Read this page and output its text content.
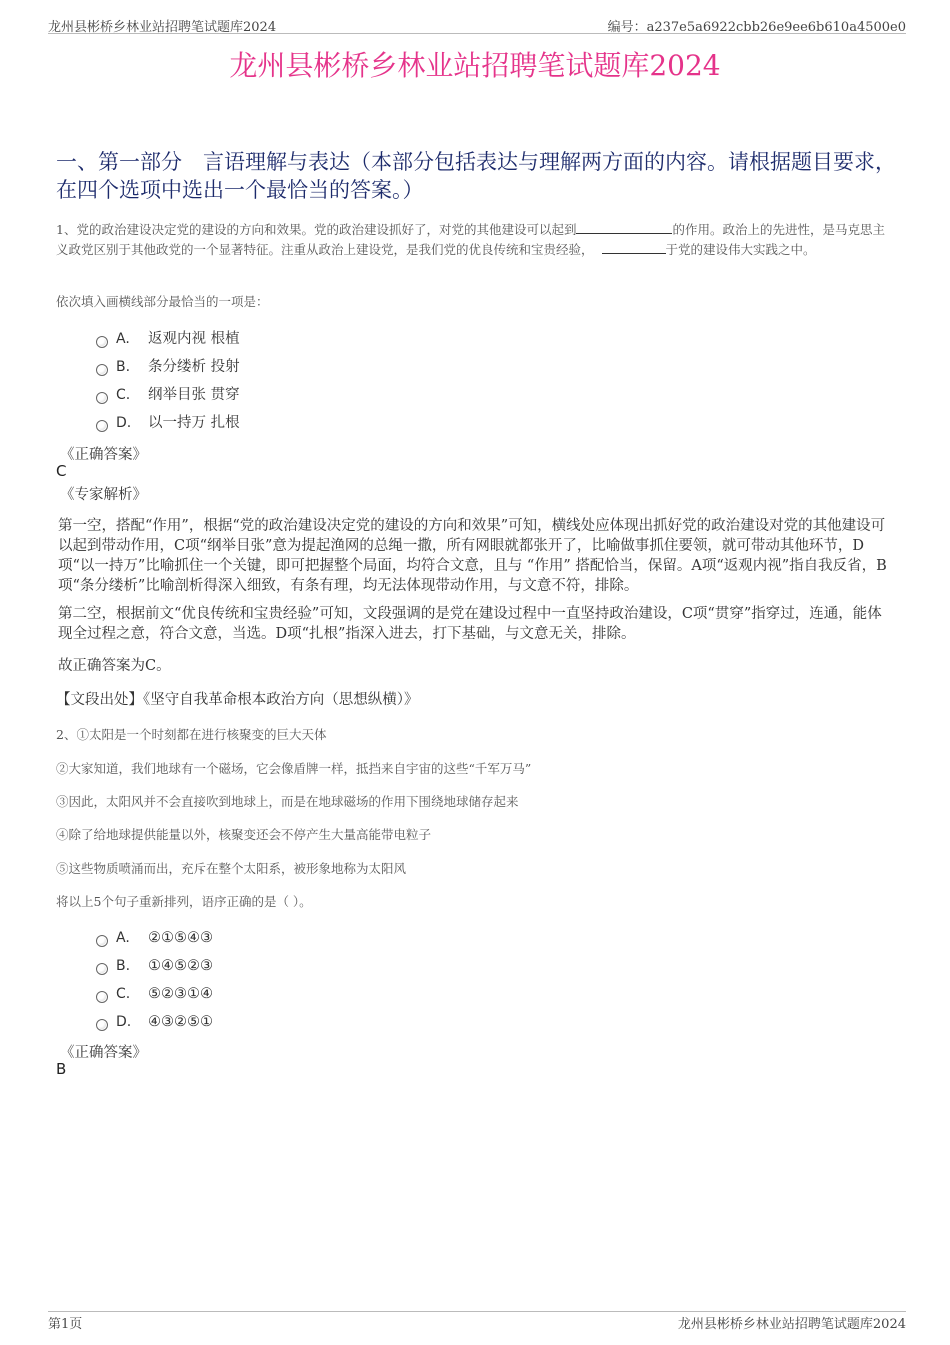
龙州县彬桥乡林业站招聘笔试题库2024	编号：a237e5a6922cbb26e9ee6b610a4500e0
龙州县彬桥乡林业站招聘笔试题库2024
一、第一部分　言语理解与表达（本部分包括表达与理解两方面的内容。请根据题目要求，在四个选项中选出一个最恰当的答案。）
1、党的政治建设决定党的建设的方向和效果。党的政治建设抓好了，对党的其他建设可以起到	的作用。政治上的先进性，是马克思主义政党区别于其他政党的一个显著特征。注重从政治上建设党，是我们党的优良传统和宝贵经验，	于党的建设伟大实践之中。
依次填入画横线部分最恰当的一项是：
A. 返观内视 根植
B. 条分缕析 投射
C. 纲举目张 贯穿
D. 以一持万 扎根
《正确答案》
C
《专家解析》
第一空，搭配“作用”，根据“党的政治建设决定党的建设的方向和效果”可知，横线处应体现出抓好党的政治建设对党的其他建设可以起到带动作用，C项“纲举目张”意为提起渔网的总绳一撒，所有网眼就都张开了，比喻做事抓住要领，就可带动其他环节，D项“以一持万”比喻抓住一个关键，即可把握整个局面，均符合文意，且与 “作用” 搭配恰当，保留。A项“返观内视”指自我反省，B项“条分缕析”比喻剖析得深入细致，有条有理，均无法体现带动作用，与文意不符，排除。
第二空，根据前文“优良传统和宝贵经验”可知，文段强调的是党在建设过程中一直坚持政治建设，C项“贯穿”指穿过，连通，能体现全过程之意，符合文意，当选。D项“扎根”指深入进去，打下基础，与文意无关，排除。
故正确答案为C。
【文段出处】《坚守自我革命根本政治方向（思想纵横）》
2、①太阳是一个时刻都在进行核聚变的巨大天体
②大家知道，我们地球有一个磁场，它会像盾牌一样，抵挡来自宇宙的这些“千军万马”
③因此，太阳风并不会直接吹到地球上，而是在地球磁场的作用下围绕地球储存起来
④除了给地球提供能量以外，核聚变还会不停产生大量高能带电粒子
⑤这些物质喷涌而出，充斥在整个太阳系，被形象地称为太阳风
将以上5个句子重新排列，语序正确的是（ ）。
A. ②①⑤④③
B. ①④⑤②③
C. ⑤②③①④
D. ④③②⑤①
《正确答案》
B
第1页	龙州县彬桥乡林业站招聘笔试题库2024
